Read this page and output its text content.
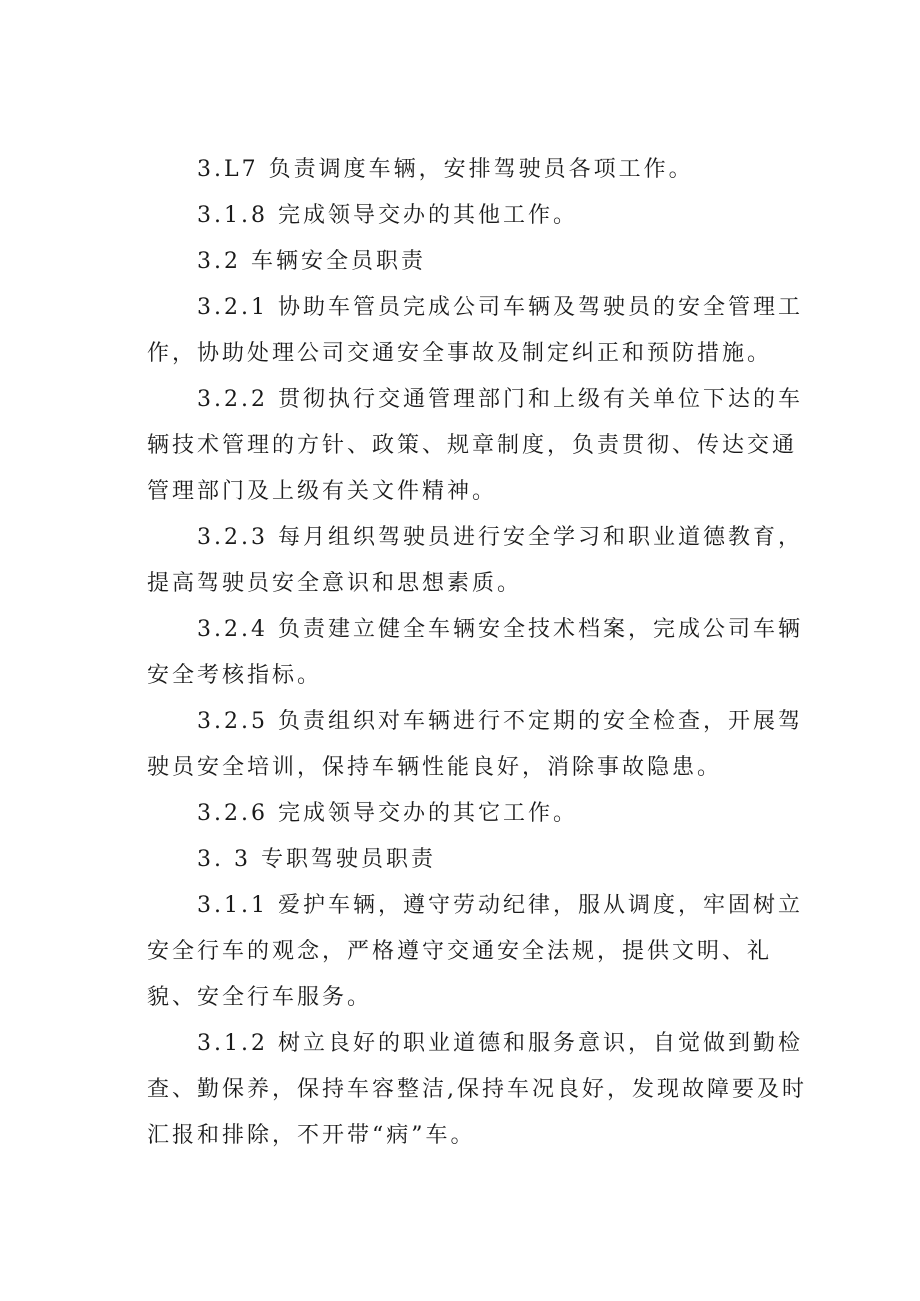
3.L7 负责调度车辆，安排驾驶员各项工作。

3.1.8 完成领导交办的其他工作。

3.2 车辆安全员职责

3.2.1 协助车管员完成公司车辆及驾驶员的安全管理工作，协助处理公司交通安全事故及制定纠正和预防措施。

3.2.2 贯彻执行交通管理部门和上级有关单位下达的车辆技术管理的方针、政策、规章制度，负责贯彻、传达交通管理部门及上级有关文件精神。

3.2.3 每月组织驾驶员进行安全学习和职业道德教育，提高驾驶员安全意识和思想素质。

3.2.4 负责建立健全车辆安全技术档案，完成公司车辆安全考核指标。

3.2.5 负责组织对车辆进行不定期的安全检查，开展驾驶员安全培训，保持车辆性能良好，消除事故隐患。

3.2.6 完成领导交办的其它工作。

3. 3 专职驾驶员职责

3.1.1 爱护车辆，遵守劳动纪律，服从调度，牢固树立安全行车的观念，严格遵守交通安全法规，提供文明、礼貌、安全行车服务。

3.1.2 树立良好的职业道德和服务意识，自觉做到勤检查、勤保养，保持车容整洁,保持车况良好，发现故障要及时汇报和排除，不开带“病”车。
